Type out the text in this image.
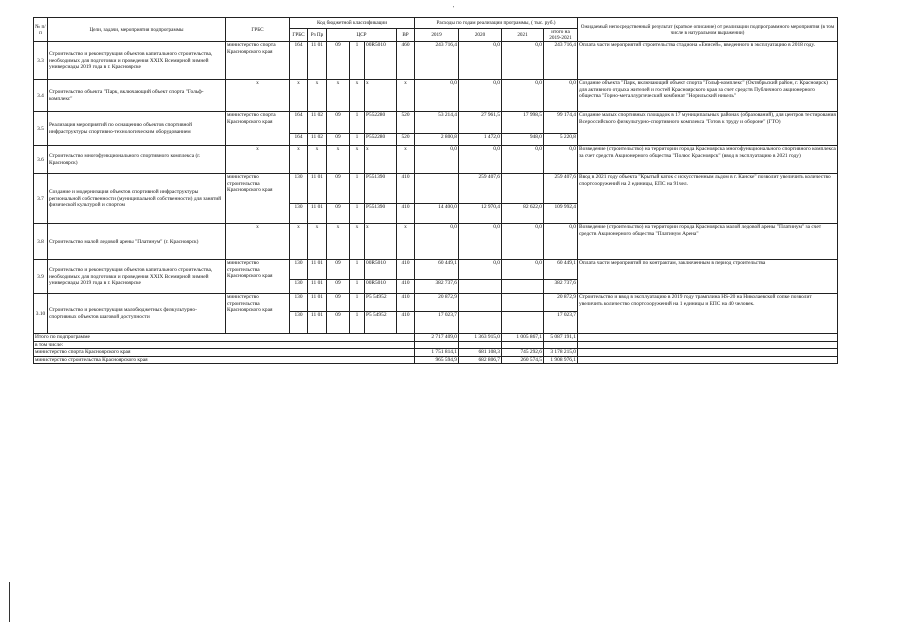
'
№ п/п	Цели, задачи, мероприятия подпрограммы	ГРБС	Код бюджетной классификации						Расходы по годам реализации программы, ( тыс. руб.)				Ожидаемый непосредственный результат (краткое описание) от реализации подпрограммного мероприятия (в том числе в натуральном выражении)
			ГРБС	Рз Пр	ЦСР			ВР	2019	2020	2021	итого на 2019-2021	
3.3	Строительство и реконструкция объектов капитального строительства, необходимых для подготовки и проведения XXIX Всемирной зимней универсиады 2019 года в г. Красноярске	министерство спорта Красноярского края	164	11 01	09	1	00R5010	460	243 716,4	0,0	0,0	243 716,4	Оплата части мероприятий строительства стадиона «Енисей», введенного в эксплуатацию в 2018 году.
3.4	Строительство объекта "Парк, включающий объект спорта "Гольф-комплекс"	х	х	х	х	х	х	х	0,0	0,0	0,0	0,0	Создание объекта "Парк, включающий объект спорта "Гольф-комплекс" (Октябрьский район, г. Красноярск) для активного отдыха жителей и гостей Красноярского края за счет средств Публичного акционерного общества "Горно-металлургический комбинат "Норильский никель"
3.5	Реализация мероприятий по оснащению объектов спортивной инфраструктуры спортивно-технологическим оборудованием	министерство спорта Красноярского края	164	11 02	09	1	P552280	520	53 214,4	27 961,5	17 998,5	99 174,4	Создание малых спортивных площадок в 17 муниципальных районах (образований), для центров тестирования Всероссийского физкультурно-спортивного комплекса "Готов к труду и обороне" (ГТО)
			164	11 02	09	1	P552280	520	2 800,8	1 472,0	948,0	5 220,8	
3.6	Строительство многофункционального спортивного комплекса (г. Красноярск)	х	х	х	х	х	х	х	0,0	0,0	0,0	0,0	Возведение (строительство) на территории города Красноярска многофункционального спортивного комплекса за счет средств Акционерного общества "Полюс Красноярск" (ввод в эксплуатацию в 2021 году)
3.7	Создание и модернизация объектов спортивной инфраструктуры региональной собственности (муниципальной собственности) для занятий физической культурой и спортом	министерство строительства Красноярского края	130	11 01	09	1	P551390	410		259 407,6		259 407,6	Ввод в 2021 году объекта "Крытый каток с искусственным льдом в г. Канске" позволит увеличить количество спортсооружений на 2 единицы, ЕПС на 91чел.
			130	11 01	09	1	P551390	410	14 400,0	12 970,4	82 622,0	109 992,4	
3.8	Строительство малой ледовой арены "Платинум" (г. Красноярск)	х	х	х	х	х	х	х	0,0	0,0	0,0	0,0	Возведение (строительство) на территории города Красноярска малой ледовой арены "Платинум" за счет средств Акционерного общества "Платинум Арена"
3.9	Строительство и реконструкция объектов капитального строительства, необходимых для подготовки и проведения XXIX Всемирной зимней универсиады 2019 года в г. Красноярске	министерство строительства Красноярского края	130	11 01	09	1	00R5010	410	60 449,1	0,0	0,0	60 449,1	Оплата части мероприятий по контрактам, заключенным в период строительства
			130	11 01	09	1	00R5010	410	382 737,6			382 737,6	
3.10	Строительство и реконструкция малобюджетных физкультурно-спортивных объектов шаговой доступности	министерство строительства Красноярского края	130	11 01	09	1	P5 54952	410	20 872,9			20 872,9	Строительство и ввод в эксплуатацию в 2019 году трамплина HS-20 на Николаевской сопке позволит увеличить количество спортсооружений на 1 единицы и ЕПС на 40 человек.
			130	11 01	09	1	P5 54952	410	17 023,7			17 023,7	
Итого по подпрограмме									2 717 409,0	1 363 915,0	1 005 867,1	5 087 191,1	
в том числе:													
министерство спорта Красноярского края									1 751 814,1	681 108,3	745 292,6	3 178 215,0	
министерство строительства Красноярского края									965 594,9	682 806,7	260 574,5	1 908 976,1	
